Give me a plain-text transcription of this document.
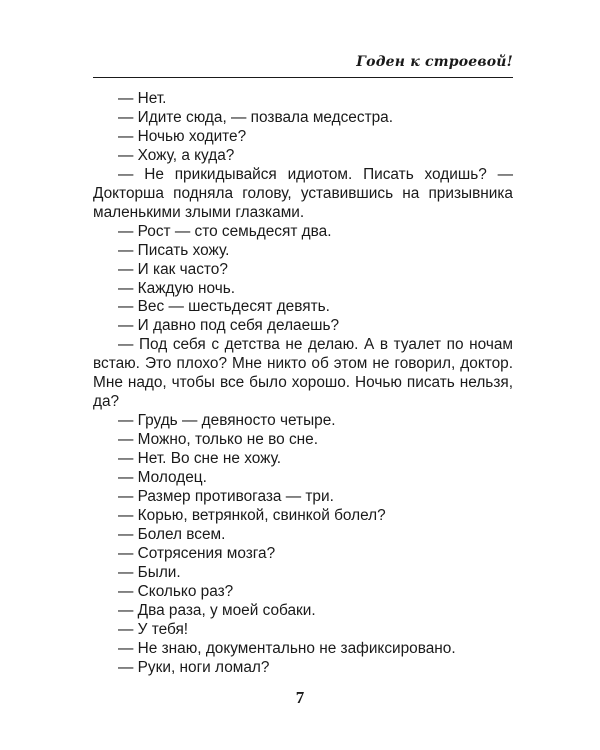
Годен к строевой!

— Нет.

— Идите сюда, — позвала медсестра.

— Ночью ходите?

— Хожу, а куда?

— Не прикидывайся идиотом. Писать ходишь? — Докторша подняла голову, уставившись на призывника маленькими злыми глазками.

— Рост — сто семьдесят два.

— Писать хожу.

— И как часто?

— Каждую ночь.

— Вес — шестьдесят девять.

— И давно под себя делаешь?

— Под себя с детства не делаю. А в туалет по ночам встаю. Это плохо? Мне никто об этом не говорил, доктор. Мне надо, чтобы все было хорошо. Ночью писать нельзя, да?

— Грудь — девяносто четыре.

— Можно, только не во сне.

— Нет. Во сне не хожу.

— Молодец.

— Размер противогаза — три.

— Корью, ветрянкой, свинкой болел?

— Болел всем.

— Сотрясения мозга?

— Были.

— Сколько раз?

— Два раза, у моей собаки.

— У тебя!

— Не знаю, документально не зафиксировано.

— Руки, ноги ломал?

7
